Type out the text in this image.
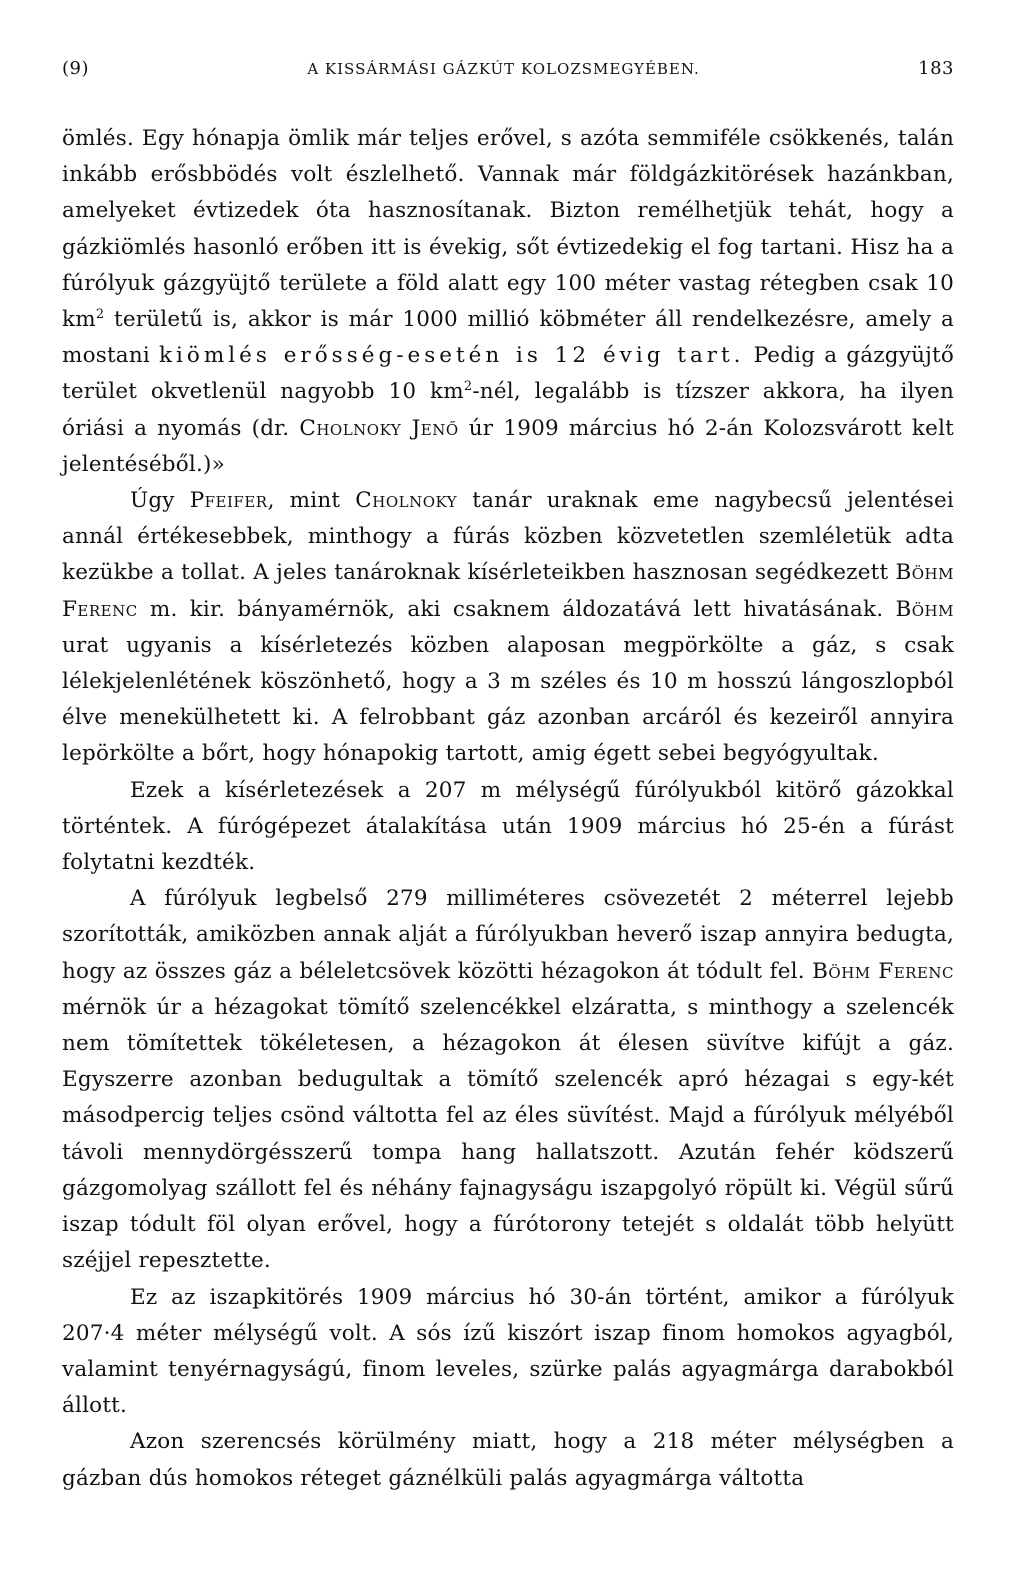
(9)	A KISSÁRMÁSI GÁZKÚT KOLOZSMEGYÉBEN.	183

ömlés. Egy hónapja ömlik már teljes erővel, s azóta semmiféle csökkenés, talán inkább erősbbödés volt észlelhető. Vannak már földgázkitörések hazánkban, amelyeket évtizedek óta hasznosítanak. Bizton remélhetjük tehát, hogy a gázkiömlés hasonló erőben itt is évekig, sőt évtizedekig el fog tartani. Hisz ha a fúrólyuk gázgyüjtő területe a föld alatt egy 100 méter vastag rétegben csak 10 $km^2$ területű is, akkor is már 1000 millió köbméter áll rendelkezésre, amely a mostani kiömlés erősség-esetén is 12 évig tart. Pedig a gázgyüjtő terület okvetlenül nagyobb 10 $km^2$-nél, legalább is tízszer akkora, ha ilyen óriási a nyomás (dr. Cholnoky Jenő úr 1909 március hó 2-án Kolozsvárott kelt jelentéséből.)»

Úgy Pfeifer, mint Cholnoky tanár uraknak eme nagybecsű jelentései annál értékesebbek, minthogy a fúrás közben közvetetlen szemléletük adta kezükbe a tollat. A jeles tanároknak kísérleteikben hasznosan segédkezett Böhm Ferenc m. kir. bányamérnök, aki csaknem áldozatává lett hivatásának. Böhm urat ugyanis a kísérletezés közben alaposan megpörkölte a gáz, s csak lélekjelenlétének köszönhető, hogy a 3 m széles és 10 m hosszú lángoszlopból élve menekülhetett ki. A felrobbant gáz azonban arcáról és kezeiről annyira lepörkölte a bőrt, hogy hónapokig tartott, amig égett sebei begyógyultak.

Ezek a kísérletezések a 207 m mélységű fúrólyukból kitörő gázokkal történtek. A fúrógépezet átalakítása után 1909 március hó 25-én a fúrást folytatni kezdték.

A fúrólyuk legbelső 279 milliméteres csövezetét 2 méterrel lejebb szorították, amiközben annak alját a fúrólyukban heverő iszap annyira bedugta, hogy az összes gáz a béleletcsövek közötti hézagokon át tódult fel. Böhm Ferenc mérnök úr a hézagokat tömítő szelencékkel elzáratta, s minthogy a szelencék nem tömítettek tökéletesen, a hézagokon át élesen süvítve kifújt a gáz. Egyszerre azonban bedugultak a tömítő szelencék apró hézagai s egy-két másodpercig teljes csönd váltotta fel az éles süvítést. Majd a fúrólyuk mélyéből távoli mennydörgésszerű tompa hang hallatszott. Azután fehér ködszerű gázgomolyag szállott fel és néhány fajnagyságu iszapgolyó röpült ki. Végül sűrű iszap tódult föl olyan erővel, hogy a fúrótorony tetejét s oldalát több helyütt széjjel repesztette.

Ez az iszapkitörés 1909 március hó 30-án történt, amikor a fúrólyuk 207·4 méter mélységű volt. A sós ízű kiszórt iszap finom homokos agyagból, valamint tenyérnagyságú, finom leveles, szürke palás agyagmárga darabokból állott.

Azon szerencsés körülmény miatt, hogy a 218 méter mélységben a gázban dús homokos réteget gáznélküli palás agyagmárga váltotta
